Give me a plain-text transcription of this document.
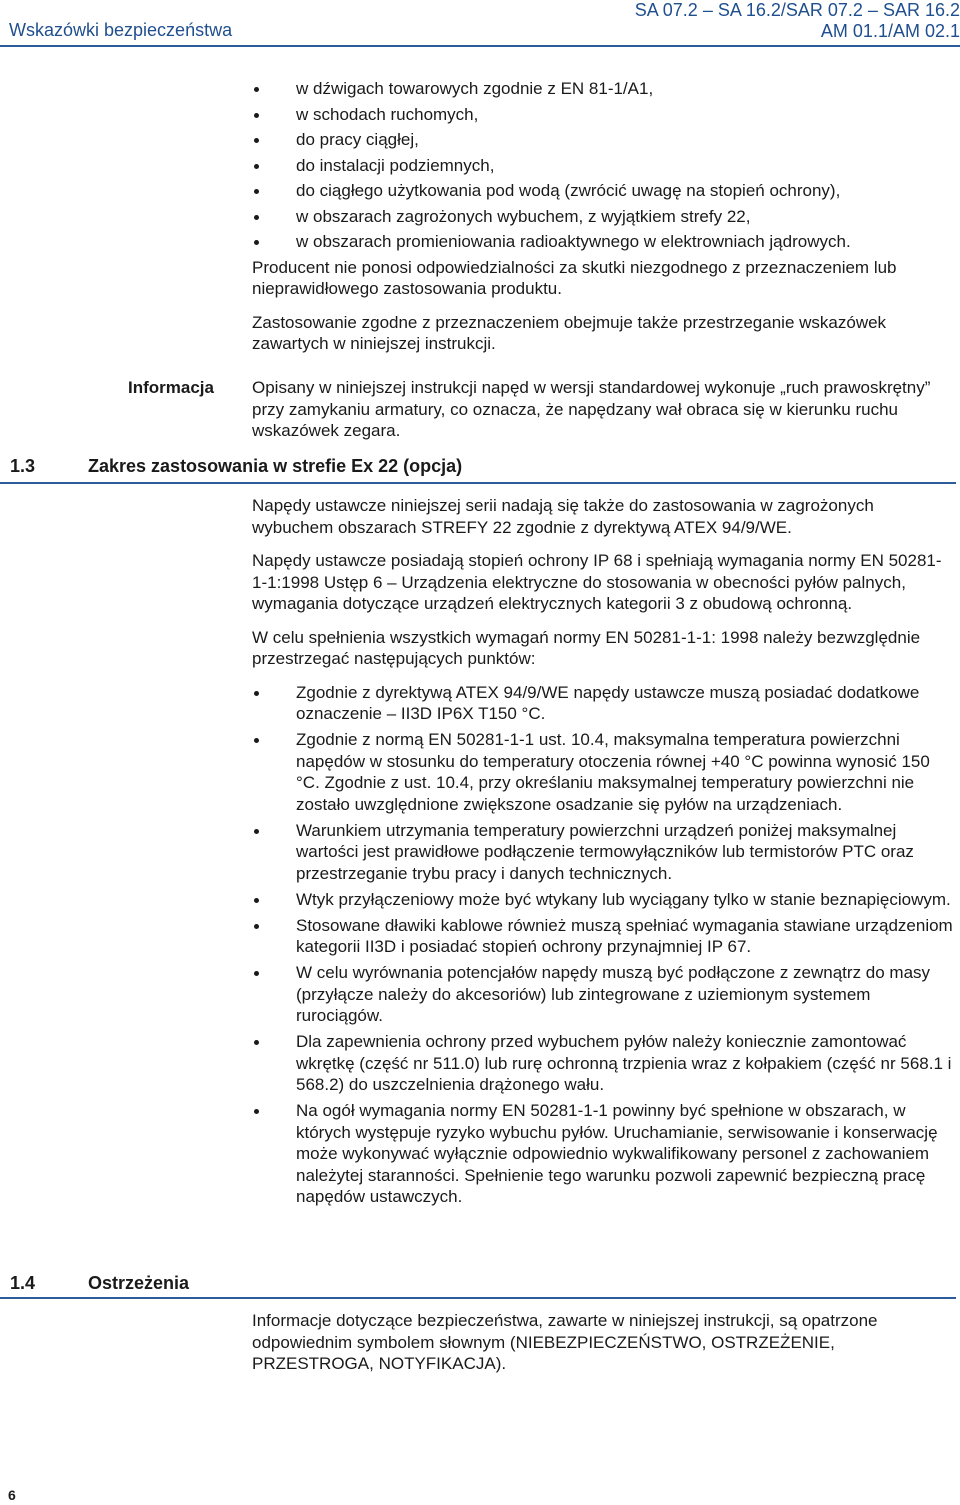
Wskazówki bezpieczeństwa
SA 07.2 – SA 16.2/SAR 07.2 – SAR 16.2
AM 01.1/AM 02.1
w dźwigach towarowych zgodnie z EN 81-1/A1,
w schodach ruchomych,
do pracy ciągłej,
do instalacji podziemnych,
do ciągłego użytkowania pod wodą (zwrócić uwagę na stopień ochrony),
w obszarach zagrożonych wybuchem, z wyjątkiem strefy 22,
w obszarach promieniowania radioaktywnego w elektrowniach jądrowych.

Producent nie ponosi odpowiedzialności za skutki niezgodnego z przeznaczeniem lub nieprawidłowego zastosowania produktu.

Zastosowanie zgodne z przeznaczeniem obejmuje także przestrzeganie wskazówek zawartych w niniejszej instrukcji.

Informacja Opisany w niniejszej instrukcji napęd w wersji standardowej wykonuje „ruch prawoskrętny” przy zamykaniu armatury, co oznacza, że napędzany wał obraca się w kierunku ruchu wskazówek zegara.

1.3	Zakres zastosowania w strefie Ex 22 (opcja)

Napędy ustawcze niniejszej serii nadają się także do zastosowania w zagrożonych wybuchem obszarach STREFY 22 zgodnie z dyrektywą ATEX 94/9/WE.

Napędy ustawcze posiadają stopień ochrony IP 68 i spełniają wymagania normy EN 50281-1-1:1998 Ustęp 6 – Urządzenia elektryczne do stosowania w obecności pyłów palnych, wymagania dotyczące urządzeń elektrycznych kategorii 3 z obudową ochronną.

W celu spełnienia wszystkich wymagań normy EN 50281-1-1: 1998 należy bezwzględnie przestrzegać następujących punktów:

Zgodnie z dyrektywą ATEX 94/9/WE napędy ustawcze muszą posiadać dodatkowe oznaczenie – II3D IP6X T150 °C.
Zgodnie z normą EN 50281-1-1 ust. 10.4, maksymalna temperatura powierzchni napędów w stosunku do temperatury otoczenia równej +40 °C powinna wynosić 150 °C. Zgodnie z ust. 10.4, przy określaniu maksymalnej temperatury powierzchni nie zostało uwzględnione zwiększone osadzanie się pyłów na urządzeniach.
Warunkiem utrzymania temperatury powierzchni urządzeń poniżej maksymalnej wartości jest prawidłowe podłączenie termowyłączników lub termistorów PTC oraz przestrzeganie trybu pracy i danych technicznych.
Wtyk przyłączeniowy może być wtykany lub wyciągany tylko w stanie beznapięciowym.
Stosowane dławiki kablowe również muszą spełniać wymagania stawiane urządzeniom kategorii II3D i posiadać stopień ochrony przynajmniej IP 67.
W celu wyrównania potencjałów napędy muszą być podłączone z zewnątrz do masy (przyłącze należy do akcesoriów) lub zintegrowane z uziemionym systemem rurociągów.
Dla zapewnienia ochrony przed wybuchem pyłów należy koniecznie zamontować wkrętkę (część nr 511.0) lub rurę ochronną trzpienia wraz z kołpakiem (część nr 568.1 i 568.2) do uszczelnienia drążonego wału.
Na ogół wymagania normy EN 50281-1-1 powinny być spełnione w obszarach, w których występuje ryzyko wybuchu pyłów. Uruchamianie, serwisowanie i konserwację może wykonywać wyłącznie odpowiednio wykwalifikowany personel z zachowaniem należytej staranności. Spełnienie tego warunku pozwoli zapewnić bezpieczną pracę napędów ustawczych.
1.4	Ostrzeżenia

Informacje dotyczące bezpieczeństwa, zawarte w niniejszej instrukcji, są opatrzone odpowiednim symbolem słownym (NIEBEZPIECZEŃSTWO, OSTRZEŻENIE, PRZESTROGA, NOTYFIKACJA).

6
